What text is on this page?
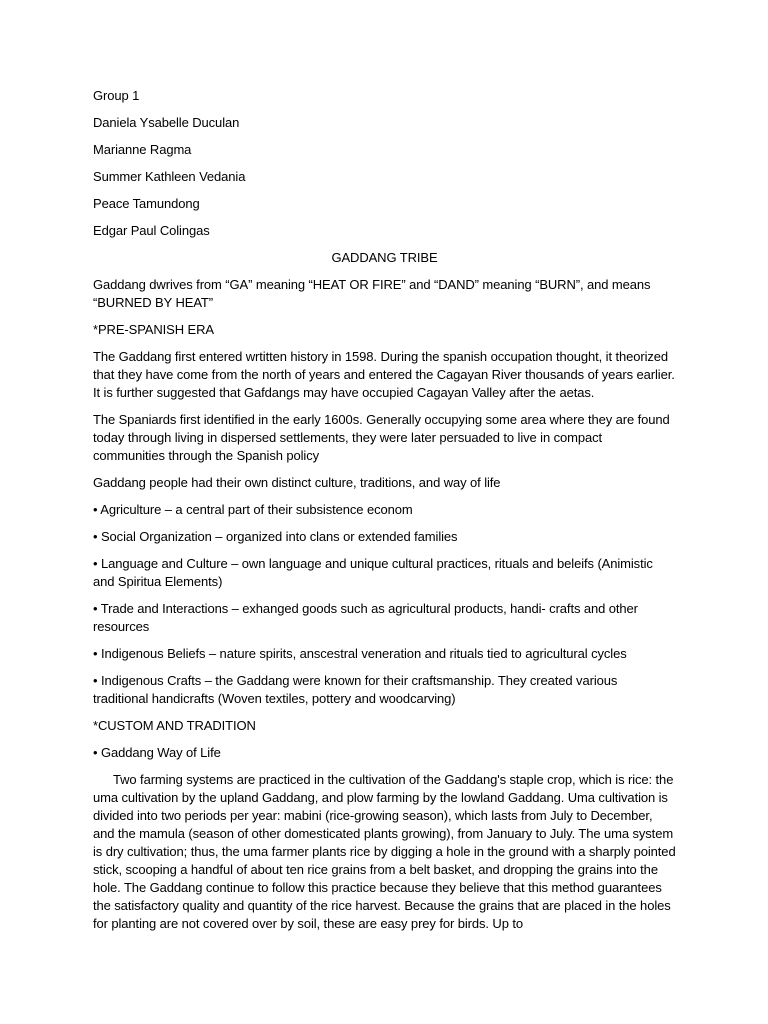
Group 1

Daniela Ysabelle Duculan

Marianne Ragma

Summer Kathleen Vedania

Peace Tamundong

Edgar Paul Colingas

GADDANG TRIBE

Gaddang dwrives from “GA” meaning “HEAT OR FIRE” and “DAND” meaning “BURN”, and means “BURNED BY HEAT”

*PRE-SPANISH ERA

The Gaddang first entered wrtitten history in 1598. During the spanish occupation thought, it theorized that they have come from the north of years and entered the Cagayan River thousands of years earlier. It is further suggested that Gafdangs may have occupied Cagayan Valley after the aetas.

The Spaniards first identified in the early 1600s. Generally occupying some area where they are found today through living in dispersed settlements, they were later persuaded to live in compact communities through the Spanish policy

Gaddang people had their own distinct culture, traditions, and way of life

• Agriculture – a central part of their subsistence econom

• Social Organization – organized into clans or extended families

• Language and Culture – own language and unique cultural practices, rituals and beleifs (Animistic and Spiritua Elements)

• Trade and Interactions – exhanged goods such as agricultural products, handi- crafts and other resources

• Indigenous Beliefs – nature spirits, anscestral veneration and rituals tied to agricultural cycles

• Indigenous Crafts – the Gaddang were known for their craftsmanship. They created various traditional handicrafts (Woven textiles, pottery and woodcarving)

*CUSTOM AND TRADITION

• Gaddang Way of Life

Two farming systems are practiced in the cultivation of the Gaddang's staple crop, which is rice: the uma cultivation by the upland Gaddang, and plow farming by the lowland Gaddang. Uma cultivation is divided into two periods per year: mabini (rice-growing season), which lasts from July to December, and the mamula (season of other domesticated plants growing), from January to July. The uma system is dry cultivation; thus, the uma farmer plants rice by digging a hole in the ground with a sharply pointed stick, scooping a handful of about ten rice grains from a belt basket, and dropping the grains into the hole. The Gaddang continue to follow this practice because they believe that this method guarantees the satisfactory quality and quantity of the rice harvest. Because the grains that are placed in the holes for planting are not covered over by soil, these are easy prey for birds. Up to
